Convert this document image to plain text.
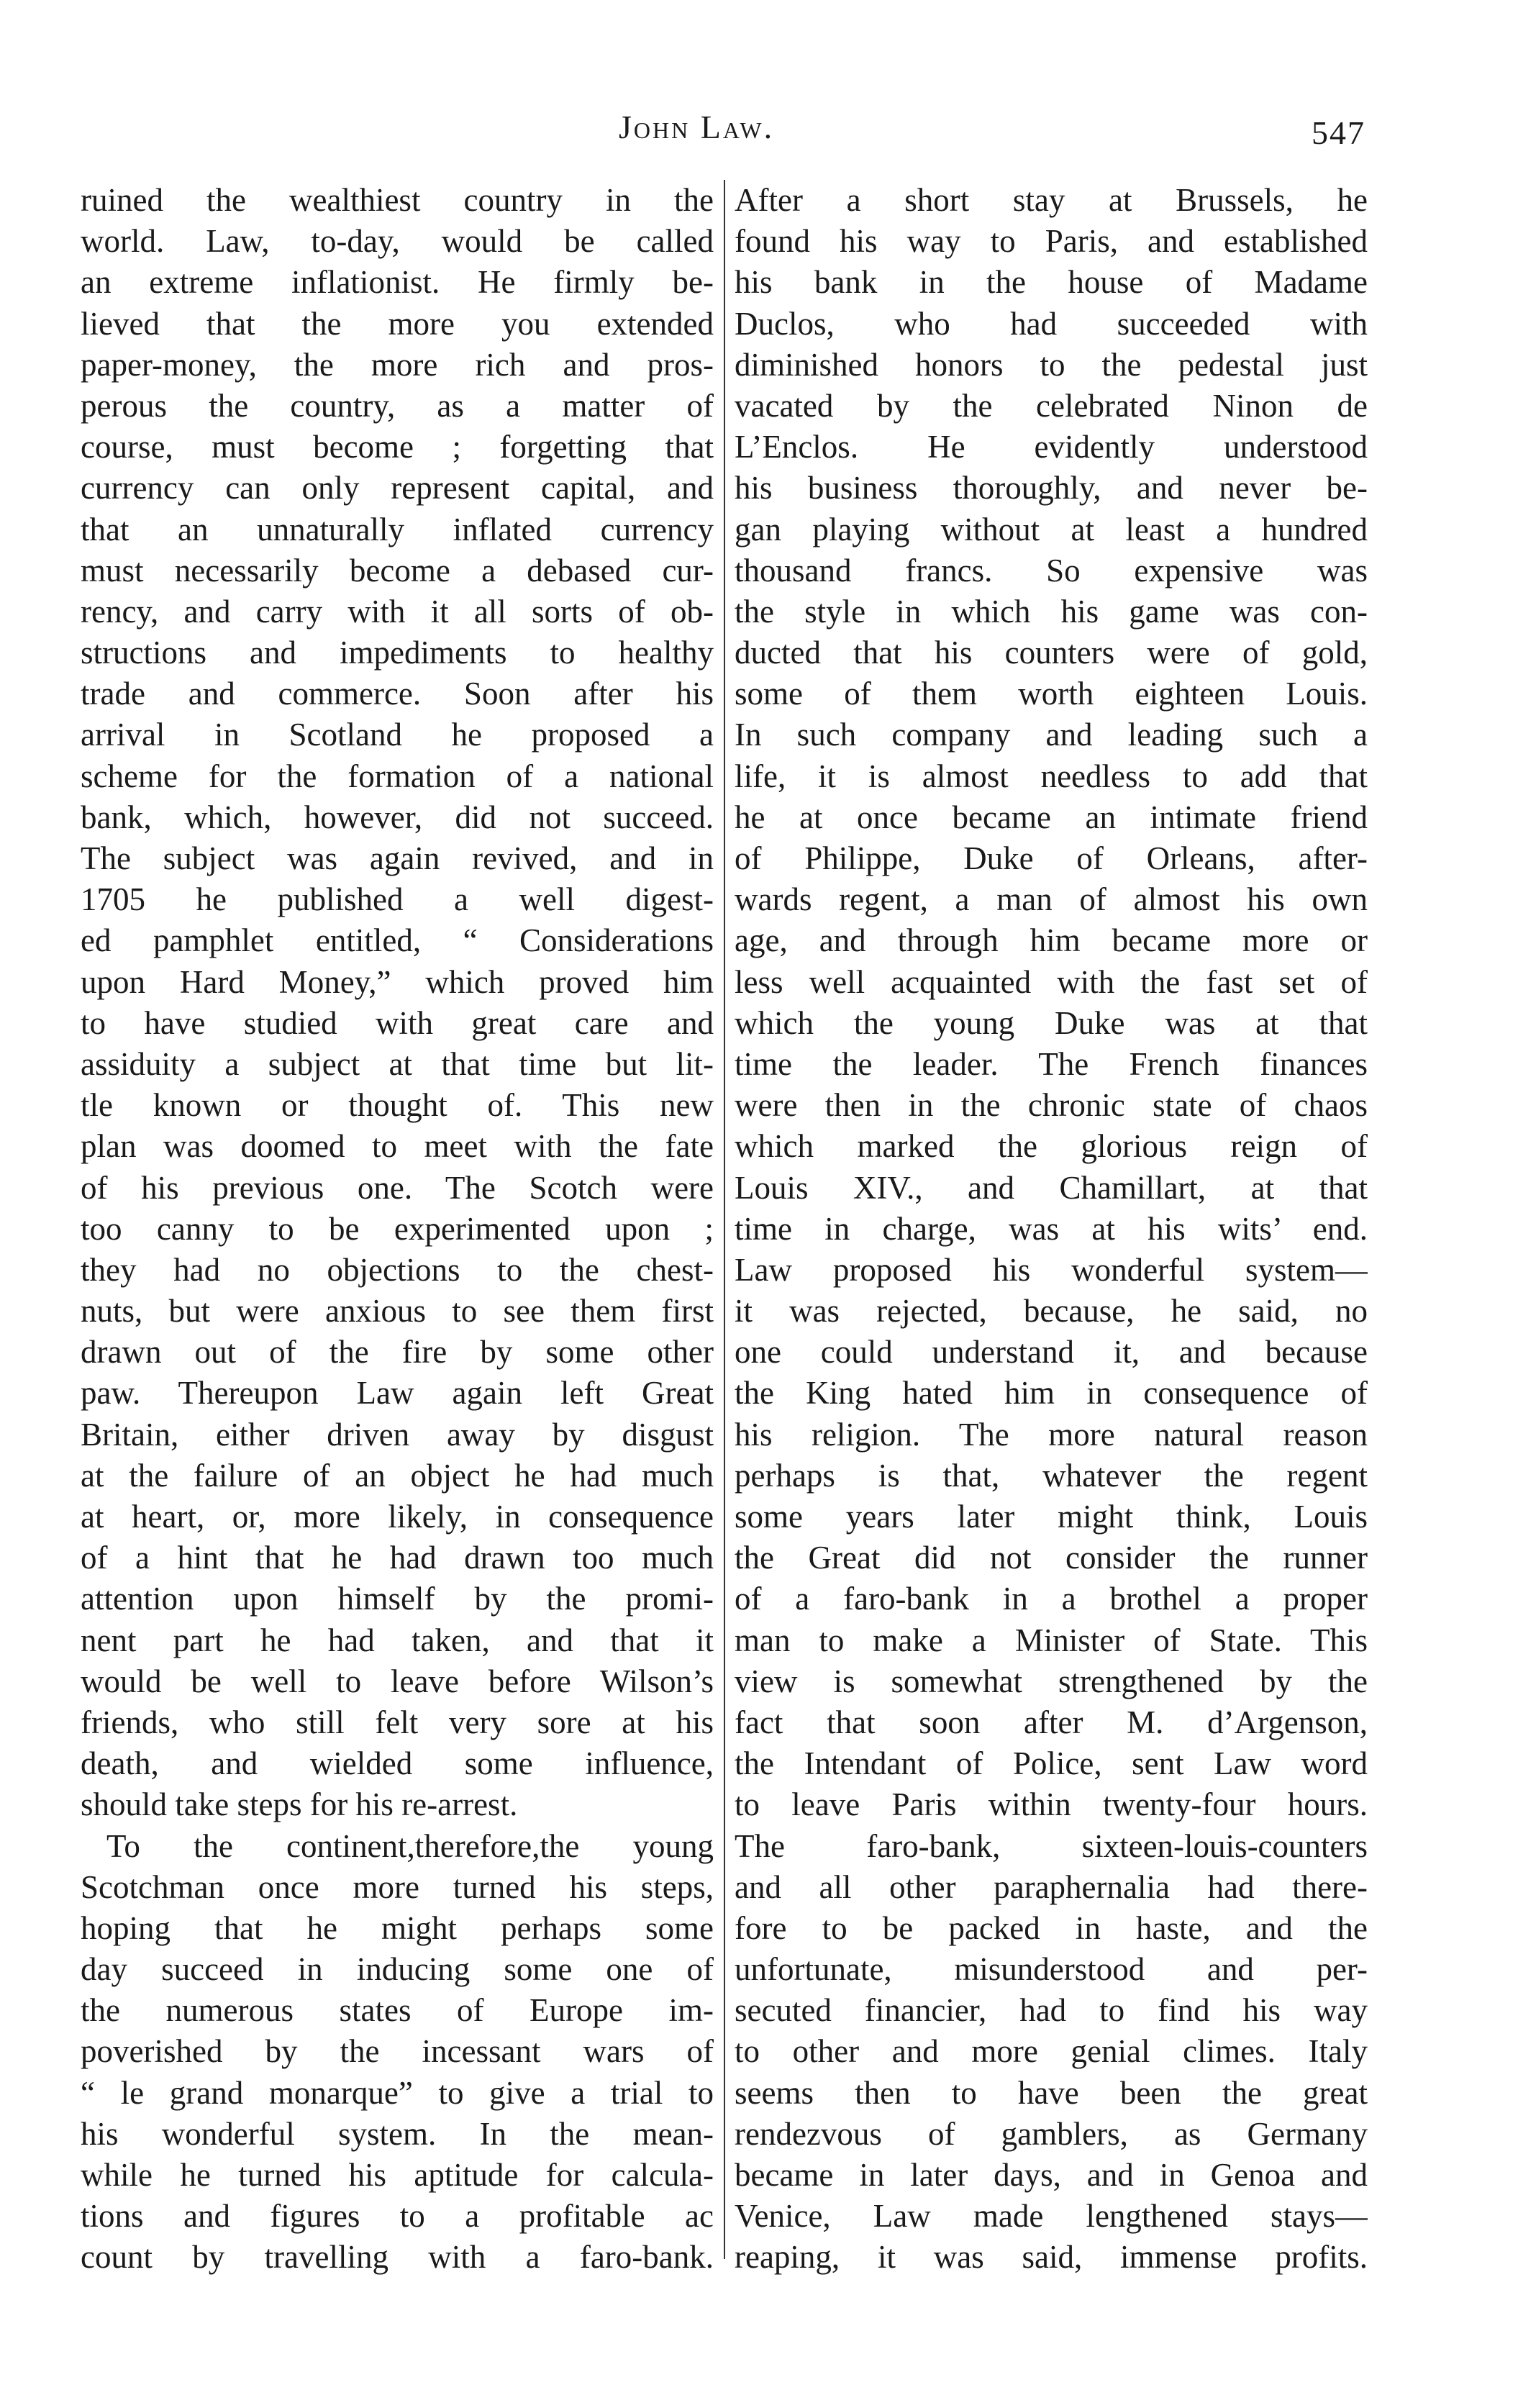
John Law.	547
ruined the wealthiest country in the
world. Law, to-day, would be called
an extreme inflationist. He firmly be-
lieved that the more you extended
paper-money, the more rich and pros-
perous the country, as a matter of
course, must become ; forgetting that
currency can only represent capital, and
that an unnaturally inflated currency
must necessarily become a debased cur-
rency, and carry with it all sorts of ob-
structions and impediments to healthy
trade and commerce. Soon after his
arrival in Scotland he proposed a
scheme for the formation of a national
bank, which, however, did not succeed.
The subject was again revived, and in
1705 he published a well digest-
ed pamphlet entitled, “ Considerations
upon Hard Money,” which proved him
to have studied with great care and
assiduity a subject at that time but lit-
tle known or thought of. This new
plan was doomed to meet with the fate
of his previous one. The Scotch were
too canny to be experimented upon ;
they had no objections to the chest-
nuts, but were anxious to see them first
drawn out of the fire by some other
paw. Thereupon Law again left Great
Britain, either driven away by disgust
at the failure of an object he had much
at heart, or, more likely, in consequence
of a hint that he had drawn too much
attention upon himself by the promi-
nent part he had taken, and that it
would be well to leave before Wilson’s
friends, who still felt very sore at his
death, and wielded some influence,
should take steps for his re-arrest.
To the continent,therefore,the young
Scotchman once more turned his steps,
hoping that he might perhaps some
day succeed in inducing some one of
the numerous states of Europe im-
poverished by the incessant wars of
“ le grand monarque” to give a trial to
his wonderful system. In the mean-
while he turned his aptitude for calcula-
tions and figures to a profitable ac
count by travelling with a faro-bank.
After a short stay at Brussels, he
found his way to Paris, and established
his bank in the house of Madame
Duclos, who had succeeded with
diminished honors to the pedestal just
vacated by the celebrated Ninon de
L’Enclos. He evidently understood
his business thoroughly, and never be-
gan playing without at least a hundred
thousand francs. So expensive was
the style in which his game was con-
ducted that his counters were of gold,
some of them worth eighteen Louis.
In such company and leading such a
life, it is almost needless to add that
he at once became an intimate friend
of Philippe, Duke of Orleans, after-
wards regent, a man of almost his own
age, and through him became more or
less well acquainted with the fast set of
which the young Duke was at that
time the leader. The French finances
were then in the chronic state of chaos
which marked the glorious reign of
Louis XIV., and Chamillart, at that
time in charge, was at his wits’ end.
Law proposed his wonderful system—
it was rejected, because, he said, no
one could understand it, and because
the King hated him in consequence of
his religion. The more natural reason
perhaps is that, whatever the regent
some years later might think, Louis
the Great did not consider the runner
of a faro-bank in a brothel a proper
man to make a Minister of State. This
view is somewhat strengthened by the
fact that soon after M. d’Argenson,
the Intendant of Police, sent Law word
to leave Paris within twenty-four hours.
The faro-bank, sixteen-louis-counters
and all other paraphernalia had there-
fore to be packed in haste, and the
unfortunate, misunderstood and per-
secuted financier, had to find his way
to other and more genial climes. Italy
seems then to have been the great
rendezvous of gamblers, as Germany
became in later days, and in Genoa and
Venice, Law made lengthened stays—
reaping, it was said, immense profits.
